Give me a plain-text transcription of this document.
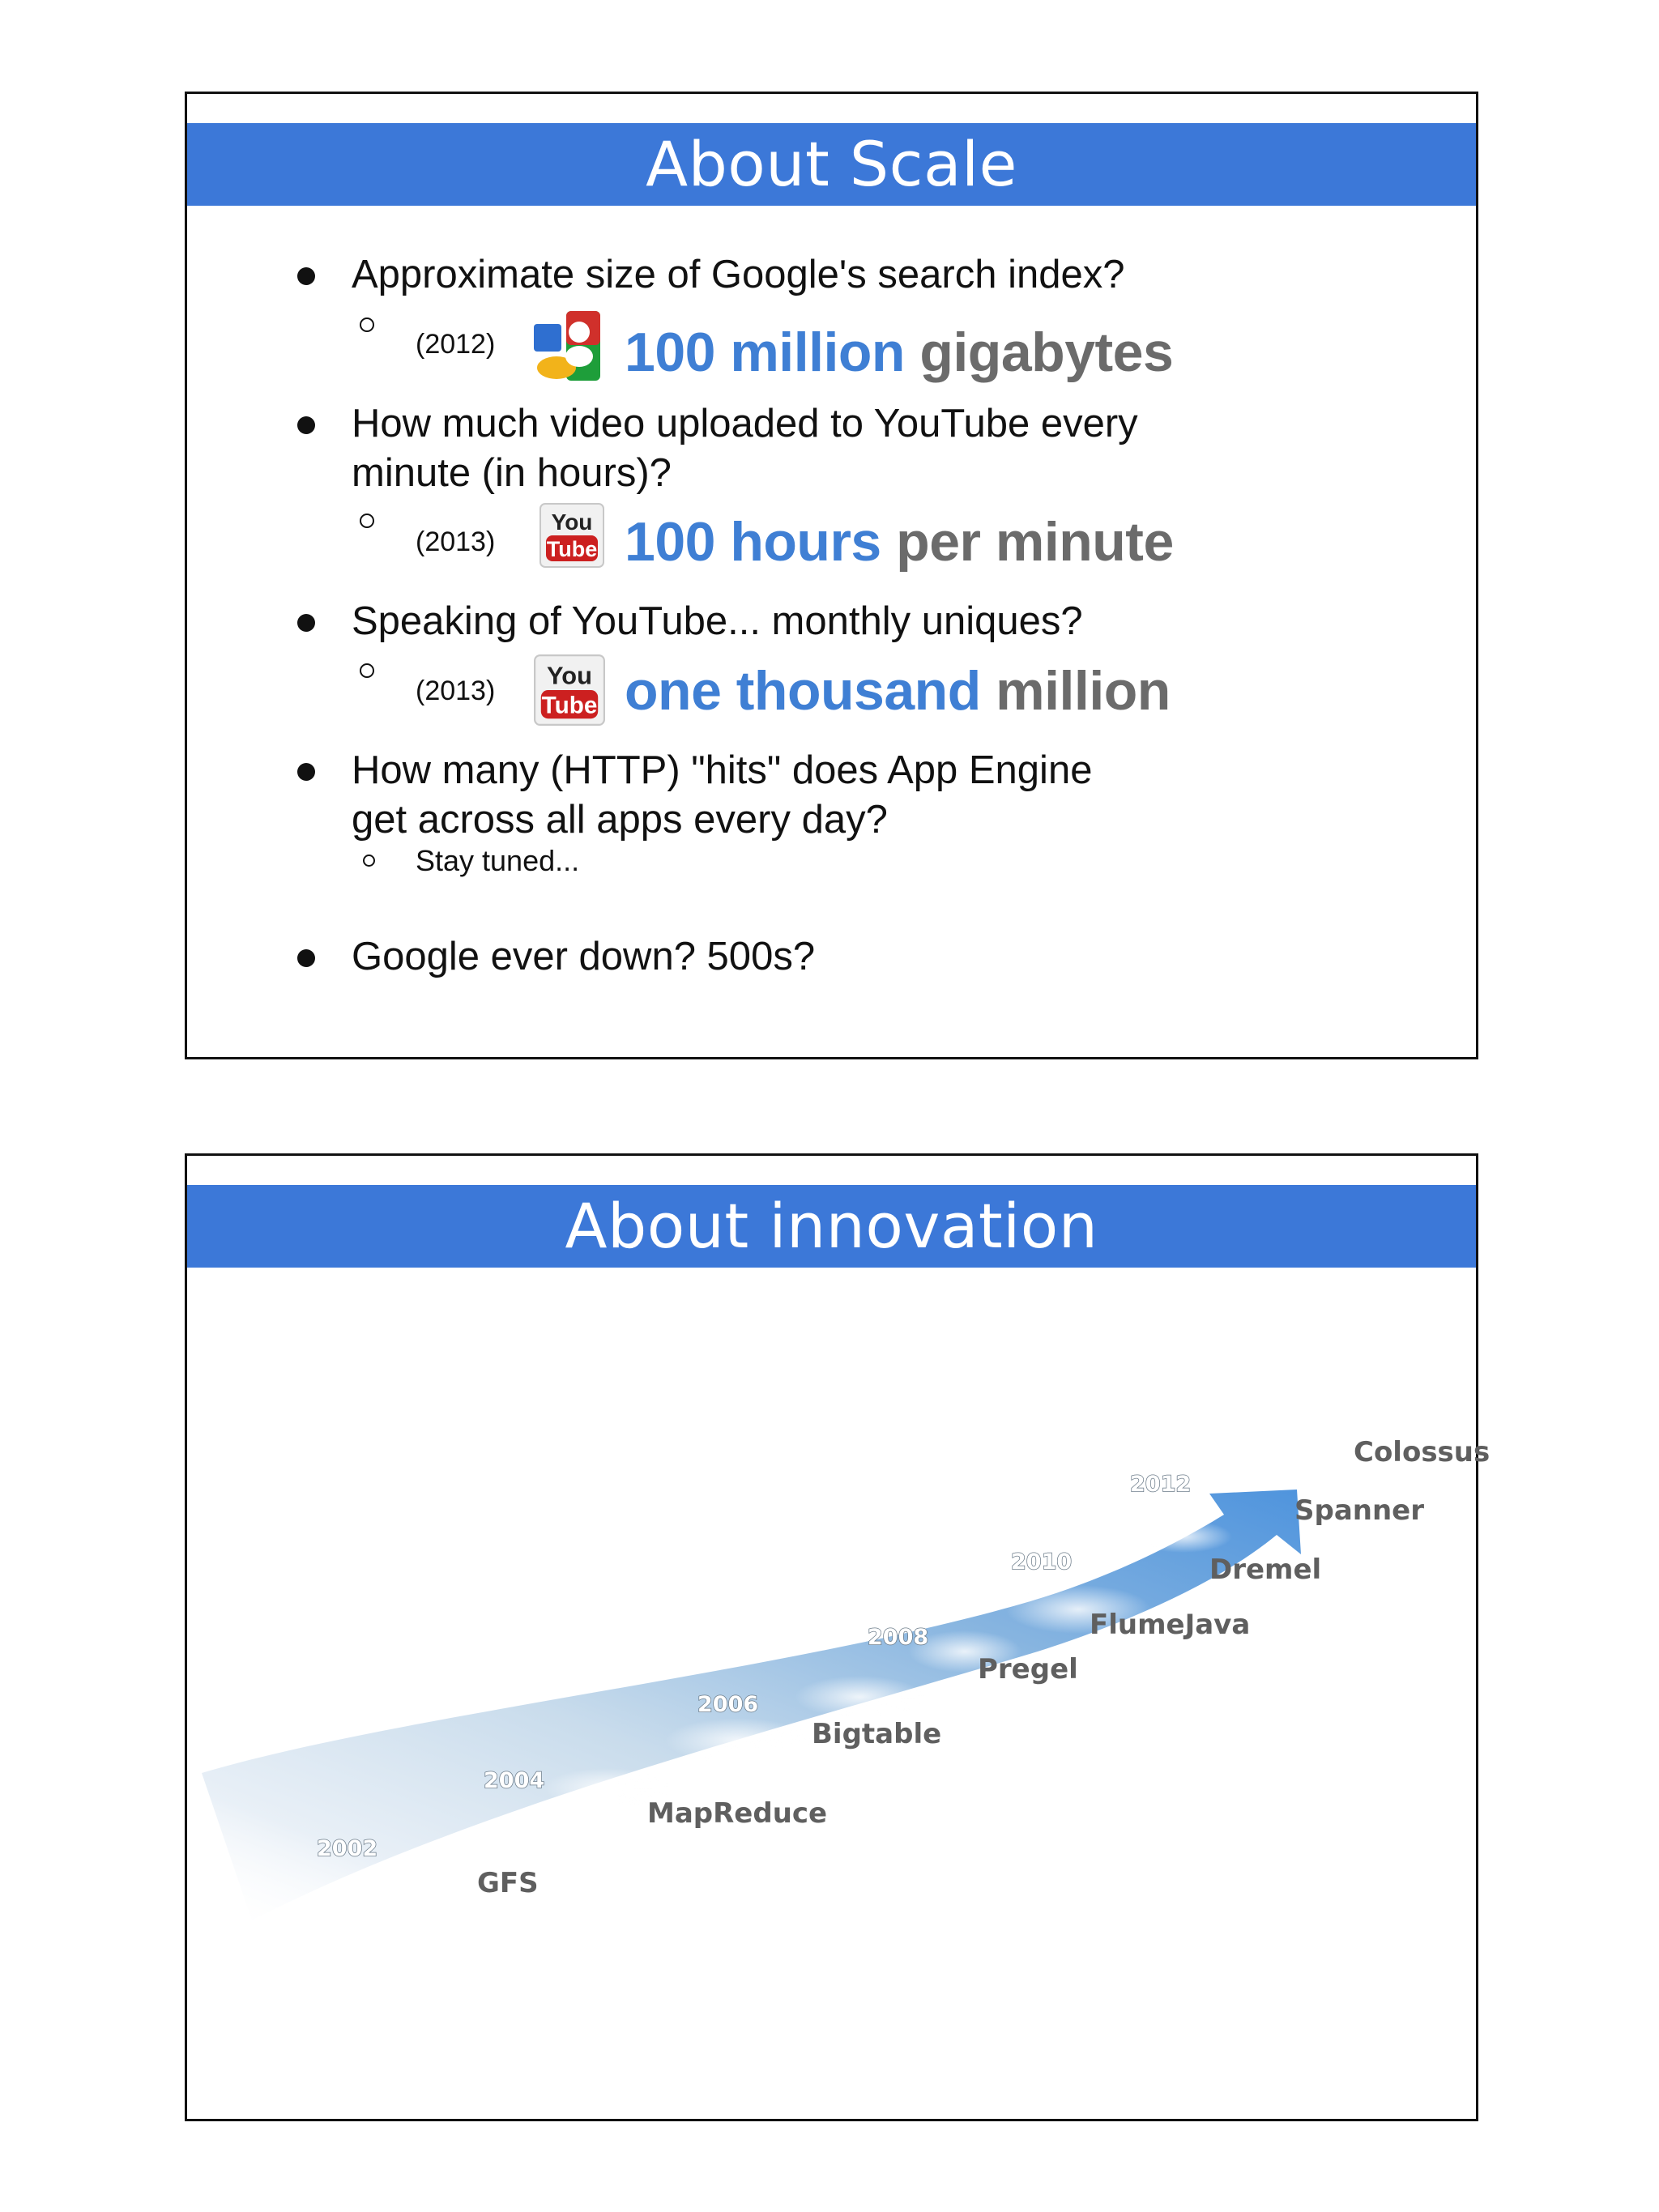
About Scale
Approximate size of Google's search index?
(2012) 100 million gigabytes
How much video uploaded to YouTube every
minute (in hours)?
(2013)
You
Tube 100 hours per minute
Speaking of YouTube... monthly uniques?
(2013)
You
Tube one thousand million
How many (HTTP) "hits" does App Engine
get across all apps every day?
Stay tuned...
Google ever down? 500s?
About innovation
2002
2004
2006
2008
2010
2012
GFS
MapReduce
Bigtable
Pregel
FlumeJava
Dremel
Spanner
Colossus
